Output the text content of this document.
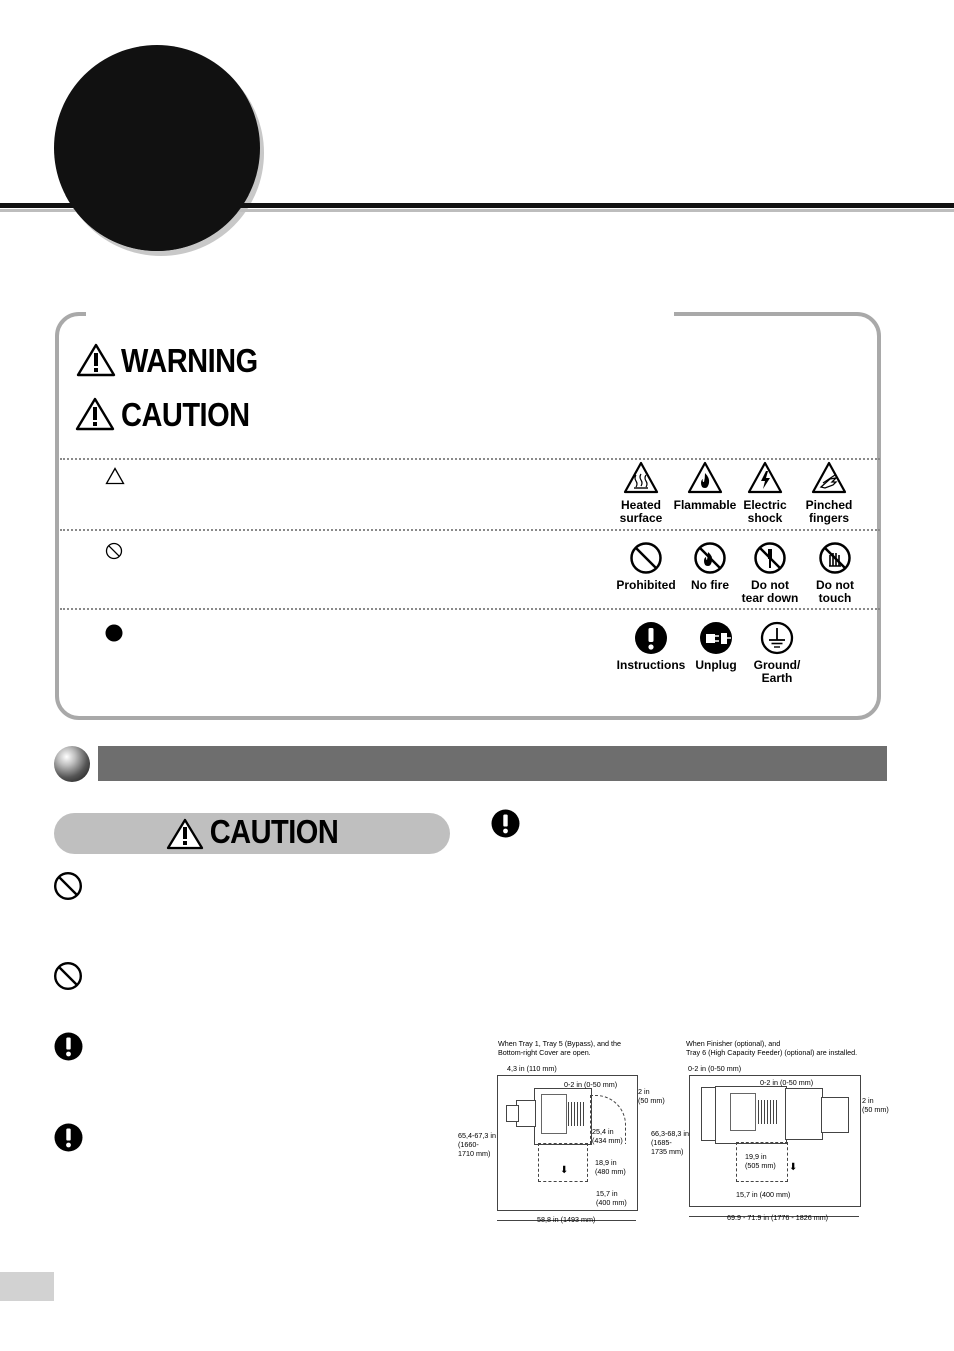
WARNING
CAUTION
Heated
surface
Flammable Electric
shock
Pinched
fingers
Prohibited No fire	Do not
tear down
Do not
touch
Instructions Unplug Ground/
Earth
CAUTION
When Tray 1, Tray 5 (Bypass), and the
Bottom-right Cover are open.
⬇
4,3 in (110 mm)
0-2 in (0-50 mm)
2 in
(50 mm)
65,4-67,3 in
(1660-
1710 mm)
25,4 in
(434 mm)
18,9 in
(480 mm)
15,7 in
(400 mm)
58,8 in (1493 mm)
When Finisher (optional), and
Tray 6 (High Capacity Feeder) (optional) are installed.
⬇
0-2 in (0-50 mm)
0-2 in (0-50 mm)
2 in
(50 mm)
66,3-68,3 in
(1685-
1735 mm)
19,9 in
(505 mm)
15,7 in (400 mm)
69.9 - 71.9 in (1776 - 1826 mm)
